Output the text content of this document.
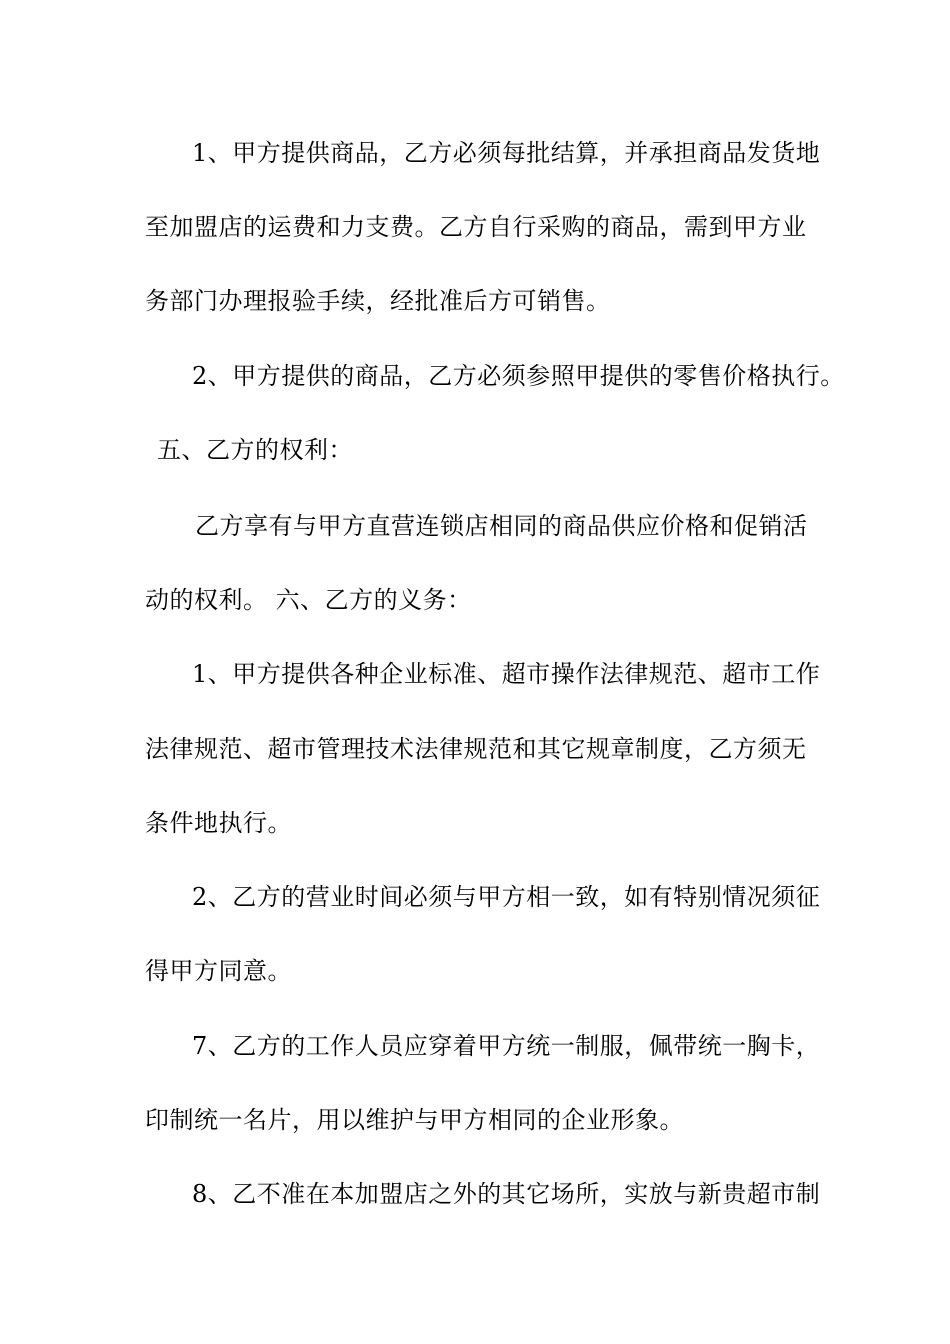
1、甲方提供商品，乙方必须每批结算，并承担商品发货地
至加盟店的运费和力支费。乙方自行采购的商品，需到甲方业
务部门办理报验手续，经批准后方可销售。
2、甲方提供的商品，乙方必须参照甲提供的零售价格执行。
五、乙方的权利：
乙方享有与甲方直营连锁店相同的商品供应价格和促销活
动的权利。 六、乙方的义务：
1、甲方提供各种企业标准、超市操作法律规范、超市工作
法律规范、超市管理技术法律规范和其它规章制度，乙方须无
条件地执行。
2、乙方的营业时间必须与甲方相一致，如有特别情况须征
得甲方同意。
7、乙方的工作人员应穿着甲方统一制服，佩带统一胸卡，
印制统一名片，用以维护与甲方相同的企业形象。
8、乙不准在本加盟店之外的其它场所，实放与新贵超市制
